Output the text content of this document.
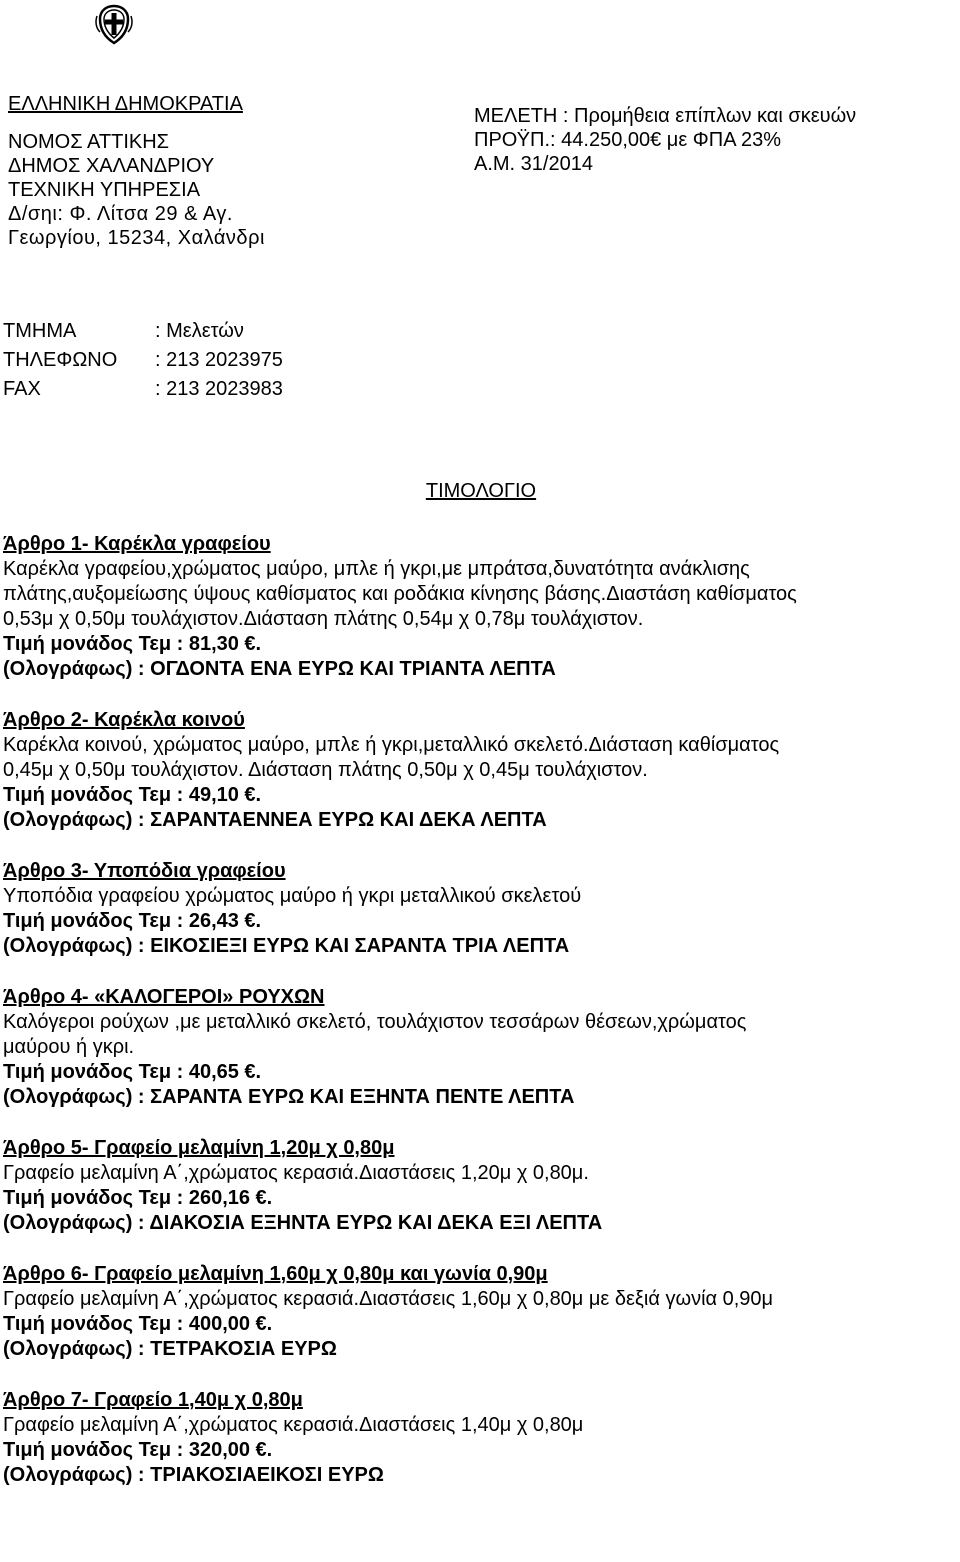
ΕΛΛΗΝΙΚΗ ΔΗΜΟΚΡΑΤΙΑ
ΝΟΜΟΣ ΑΤΤΙΚΗΣ
ΔΗΜΟΣ ΧΑΛΑΝΔΡΙΟΥ
ΤΕΧΝΙΚΗ ΥΠΗΡΕΣΙΑ
Δ/σηι: Φ. Λίτσα 29 & Αγ.
Γεωργίου, 15234, Χαλάνδρι
ΜΕΛΕΤΗ : Προμήθεια επίπλων και σκευών
ΠΡΟΫΠ.: 44.250,00€ με ΦΠΑ 23%
Α.Μ. 31/2014
ΤΜΗΜΑ	: Μελετών
ΤΗΛΕΦΩΝΟ	: 213 2023975
FAX	: 213 2023983
ΤΙΜΟΛΟΓΙΟ
Άρθρο 1- Καρέκλα γραφείου
Καρέκλα γραφείου,χρώματος μαύρο, μπλε ή γκρι,με μπράτσα,δυνατότητα ανάκλισης
πλάτης,αυξομείωσης ύψους καθίσματος και ροδάκια κίνησης βάσης.Διαστάση καθίσματος
0,53μ χ 0,50μ τουλάχιστον.Διάσταση πλάτης 0,54μ χ 0,78μ τουλάχιστον.
Τιμή μονάδος Τεμ : 81,30 €.
(Ολογράφως) : ΟΓΔΟΝΤΑ ΕΝΑ ΕΥΡΩ ΚΑΙ ΤΡΙΑΝΤΑ ΛΕΠΤΑ
Άρθρο 2- Καρέκλα κοινού
Καρέκλα κοινού, χρώματος μαύρο, μπλε ή γκρι,μεταλλικό σκελετό.Διάσταση καθίσματος
0,45μ χ 0,50μ τουλάχιστον. Διάσταση πλάτης 0,50μ χ 0,45μ τουλάχιστον.
Τιμή μονάδος Τεμ : 49,10 €.
(Ολογράφως) : ΣΑΡΑΝΤΑΕΝΝΕΑ ΕΥΡΩ ΚΑΙ ΔΕΚΑ ΛΕΠΤΑ
Άρθρο 3- Υποπόδια γραφείου
Υποπόδια γραφείου χρώματος μαύρο ή γκρι μεταλλικού σκελετού
Τιμή μονάδος Τεμ : 26,43 €.
(Ολογράφως) : ΕΙΚΟΣΙΕΞΙ ΕΥΡΩ ΚΑΙ ΣΑΡΑΝΤΑ ΤΡΙΑ ΛΕΠΤΑ
Άρθρο 4- «ΚΑΛΟΓΕΡΟΙ» ΡΟΥΧΩΝ
Καλόγεροι ρούχων ,με μεταλλικό σκελετό, τουλάχιστον τεσσάρων θέσεων,χρώματος
μαύρου ή γκρι.
Τιμή μονάδος Τεμ : 40,65 €.
(Ολογράφως) : ΣΑΡΑΝΤΑ ΕΥΡΩ ΚΑΙ ΕΞΗΝΤΑ ΠΕΝΤΕ ΛΕΠΤΑ
Άρθρο 5- Γραφείο μελαμίνη 1,20μ χ 0,80μ
Γραφείο μελαμίνη Α΄,χρώματος κερασιά.Διαστάσεις 1,20μ χ 0,80μ.
Τιμή μονάδος Τεμ : 260,16 €.
(Ολογράφως) : ΔΙΑΚΟΣΙΑ ΕΞΗΝΤΑ ΕΥΡΩ ΚΑΙ ΔΕΚΑ ΕΞΙ ΛΕΠΤΑ
Άρθρο 6- Γραφείο μελαμίνη 1,60μ χ 0,80μ και γωνία 0,90μ
Γραφείο μελαμίνη Α΄,χρώματος κερασιά.Διαστάσεις 1,60μ χ 0,80μ με δεξιά γωνία 0,90μ
Τιμή μονάδος Τεμ : 400,00 €.
(Ολογράφως) : ΤΕΤΡΑΚΟΣΙΑ ΕΥΡΩ
Άρθρο 7- Γραφείο 1,40μ χ 0,80μ
Γραφείο μελαμίνη Α΄,χρώματος κερασιά.Διαστάσεις 1,40μ χ 0,80μ
Τιμή μονάδος Τεμ : 320,00 €.
(Ολογράφως) : ΤΡΙΑΚΟΣΙΑΕΙΚΟΣΙ ΕΥΡΩ
